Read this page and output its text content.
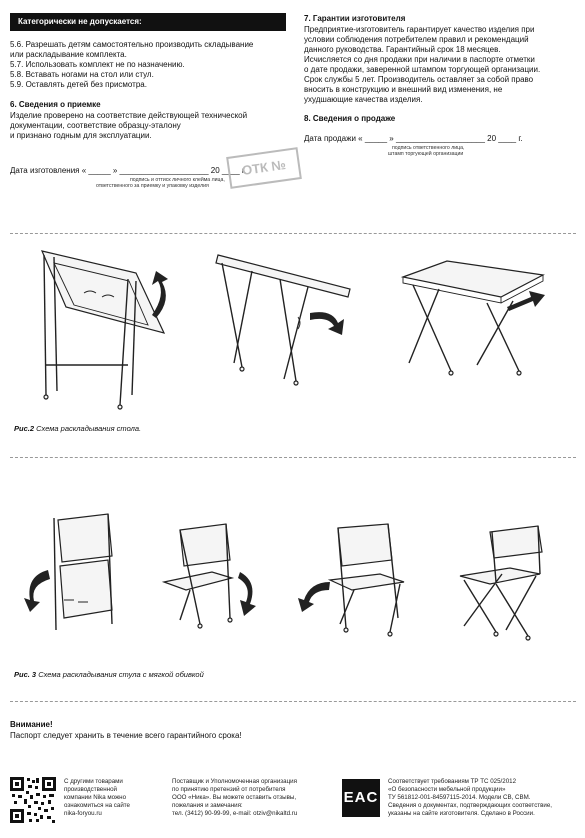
Категорически не допускается:
5.6. Разрешать детям самостоятельно производить складывание
или раскладывание комплекта.
5.7. Использовать комплект не по назначению.
5.8. Вставать ногами на стол или стул.
5.9. Оставлять детей без присмотра.
6. Сведения о приемке
Изделие проверено на соответствие действующей технической
документации, соответствие образцу-эталону
и признано годным для эксплуатации.
Дата изготовления « _____ » ____________________ 20 ____ г.
подпись и оттиск личного клейма лица,
ответственного за приемку и упаковку изделия
ОТК №
7. Гарантии изготовителя
Предприятие-изготовитель гарантирует качество изделия при
условии соблюдения потребителем правил и рекомендаций
данного руководства. Гарантийный срок 18 месяцев.
Исчисляется со дня продажи при наличии в паспорте отметки
о дате продажи, заверенной штампом торгующей организации.
Срок службы 5 лет. Производитель оставляет за собой право
вносить в конструкцию и внешний вид изменения, не
ухудшающие качества изделия.
8. Сведения о продаже
Дата продажи « _____ » ____________________ 20 ____ г.
подпись ответственного лица,
штамп торгующей организации
Рис.2 Схема раскладывания стола.
Рис. 3 Схема раскладывания стула с мягкой обивкой
Внимание!
Паспорт следует хранить в течение всего гарантийного срока!
С другими товарами
производственной
компании Nika можно
ознакомиться на сайте
nika-foryou.ru
Поставщик и Уполномоченная организация
по принятию претензий от потребителя
ООО «Ника». Вы можете оставить отзывы,
пожелания и замечания:
тел. (3412) 90-99-99, e-mail: otziv@nikaltd.ru
EAC
Соответствует требованиям ТР ТС 025/2012
«О безопасности мебельной продукции»
ТУ 561812-001-84597115-2014. Модели СВ, СВМ.
Сведения о документах, подтверждающих соответствие,
указаны на сайте изготовителя. Сделано в России.
